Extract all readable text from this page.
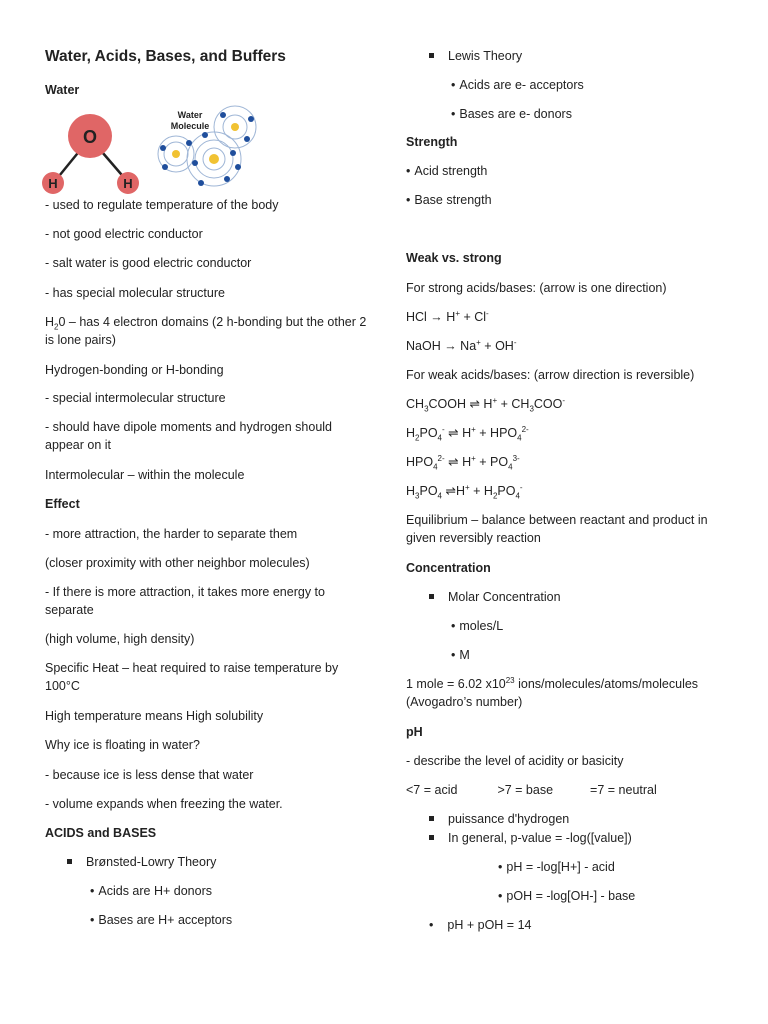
Water, Acids, Bases, and Buffers
Water
O
H	H
Water
Molecule
- used to regulate temperature of the body
- not good electric conductor
- salt water is good electric conductor
- has special molecular structure
$H_20$ – has 4 electron domains (2 h-bonding but the other 2 is lone pairs)
Hydrogen-bonding or H-bonding
- special intermolecular structure
- should have dipole moments and hydrogen should appear on it
Intermolecular – within the molecule
Effect
- more attraction, the harder to separate them
(closer proximity with other neighbor molecules)
- If there is more attraction, it takes more energy to separate
(high volume, high density)
Specific Heat – heat required to raise temperature by 100°C
High temperature means High solubility
Why ice is floating in water?
- because ice is less dense that water
- volume expands when freezing the water.
ACIDS and BASES
Brønsted-Lowry Theory
• Acids are H+ donors
• Bases are H+ acceptors
Lewis Theory
• Acids are e- acceptors
• Bases are e- donors
Strength
• Acid strength
• Base strength
Weak vs. strong
For strong acids/bases: (arrow is one direction)
HCl → H+ + Cl-
NaOH → Na+ + OH-
For weak acids/bases: (arrow direction is reversible)
$CH_3COOH$ ⇌ $H^+ + CH_3COO^-$
$H_2PO_4^-$ ⇌ $H^+ + HPO_4^{2-}$
$HPO_4^{2-}$ ⇌ $H^+ + PO_4^{3-}$
$H_3PO_4$ ⇌H+ + $H_2PO_4^-$
Equilibrium – balance between reactant and product in given reversibly reaction
Concentration
Molar Concentration
• moles/L
• M
1 mole = 6.02 $x10^{23}$ ions/molecules/atoms/molecules (Avogadro’s number)
pH
- describe the level of acidity or basicity
<7 = acid	>7 = base	=7 = neutral
puissance d'hydrogen
In general, p-value = -log([value])
• pH = -log[H+] - acid
• pOH = -log[OH-] - base
• pH + pOH = 14
